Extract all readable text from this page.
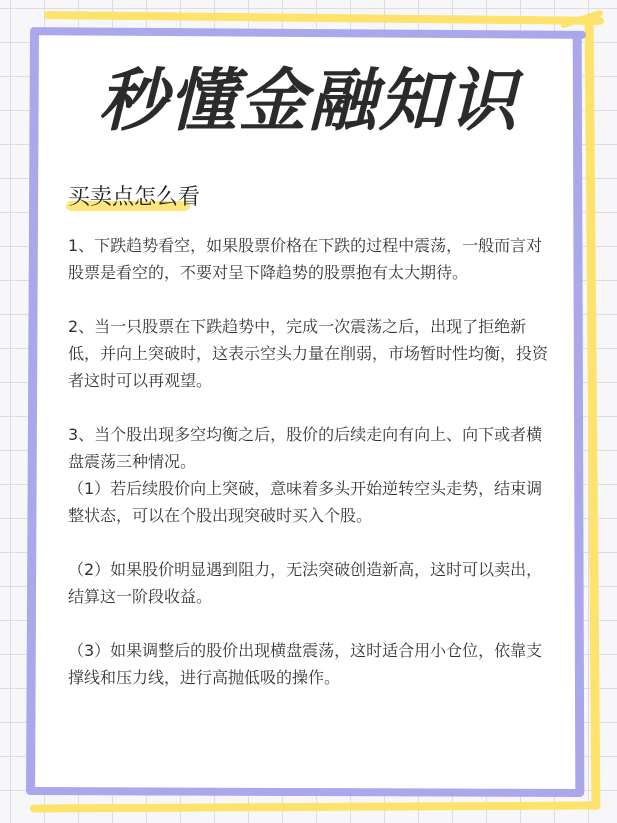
秒懂金融知识
买卖点怎么看

1、下跌趋势看空，如果股票价格在下跌的过程中震荡，一般而言对股票是看空的，不要对呈下降趋势的股票抱有太大期待。

2、当一只股票在下跌趋势中，完成一次震荡之后，出现了拒绝新低，并向上突破时，这表示空头力量在削弱，市场暂时性均衡，投资者这时可以再观望。

3、当个股出现多空均衡之后，股价的后续走向有向上、向下或者横盘震荡三种情况。

（1）若后续股价向上突破，意味着多头开始逆转空头走势，结束调整状态，可以在个股出现突破时买入个股。

（2）如果股价明显遇到阻力，无法突破创造新高，这时可以卖出，结算这一阶段收益。

（3）如果调整后的股价出现横盘震荡，这时适合用小仓位，依靠支撑线和压力线，进行高抛低吸的操作。
